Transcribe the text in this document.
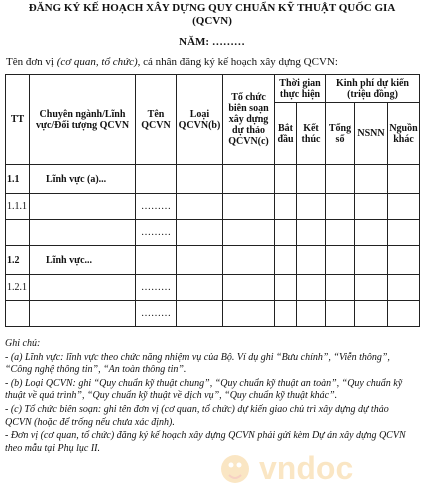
ĐĂNG KÝ KẾ HOẠCH XÂY DỰNG QUY CHUẨN KỸ THUẬT QUỐC GIA
(QCVN)
NĂM: ………
Tên đơn vị (cơ quan, tổ chức), cá nhân đăng ký kế hoạch xây dựng QCVN:
TT	Chuyên ngành/Lĩnh vực/Đối tượng QCVN	Tên QCVN	Loại QCVN(b)	Tổ chức biên soạn xây dựng dự thảo QCVN(c)	Thời gian thực hiện		Kinh phí dự kiến (triệu đồng)		
					Bắt đầu	Kết thúc	Tổng số	NSNN	Nguồn khác
1.1	Lĩnh vực (a)...								
1.1.1		………							
		………							
1.2	Lĩnh vực...								
1.2.1		………							
		………							

Ghi chú:

- (a) Lĩnh vực: lĩnh vực theo chức năng nhiệm vụ của Bộ. Ví dụ ghi “Bưu chính”, “Viễn thông”, “Công nghệ thông tin”, “An toàn thông tin”.

- (b) Loại QCVN: ghi “Quy chuẩn kỹ thuật chung”, “Quy chuẩn kỹ thuật an toàn”, “Quy chuẩn kỹ thuật về quá trình”, “Quy chuẩn kỹ thuật về dịch vụ”, “Quy chuẩn kỹ thuật khác”.

- (c) Tổ chức biên soạn: ghi tên đơn vị (cơ quan, tổ chức) dự kiến giao chủ trì xây dựng dự thảo QCVN (hoặc để trống nếu chưa xác định).

- Đơn vị (cơ quan, tổ chức) đăng ký kế hoạch xây dựng QCVN phải gửi kèm Dự án xây dựng QCVN theo mẫu tại Phụ lục II.

vndoc
